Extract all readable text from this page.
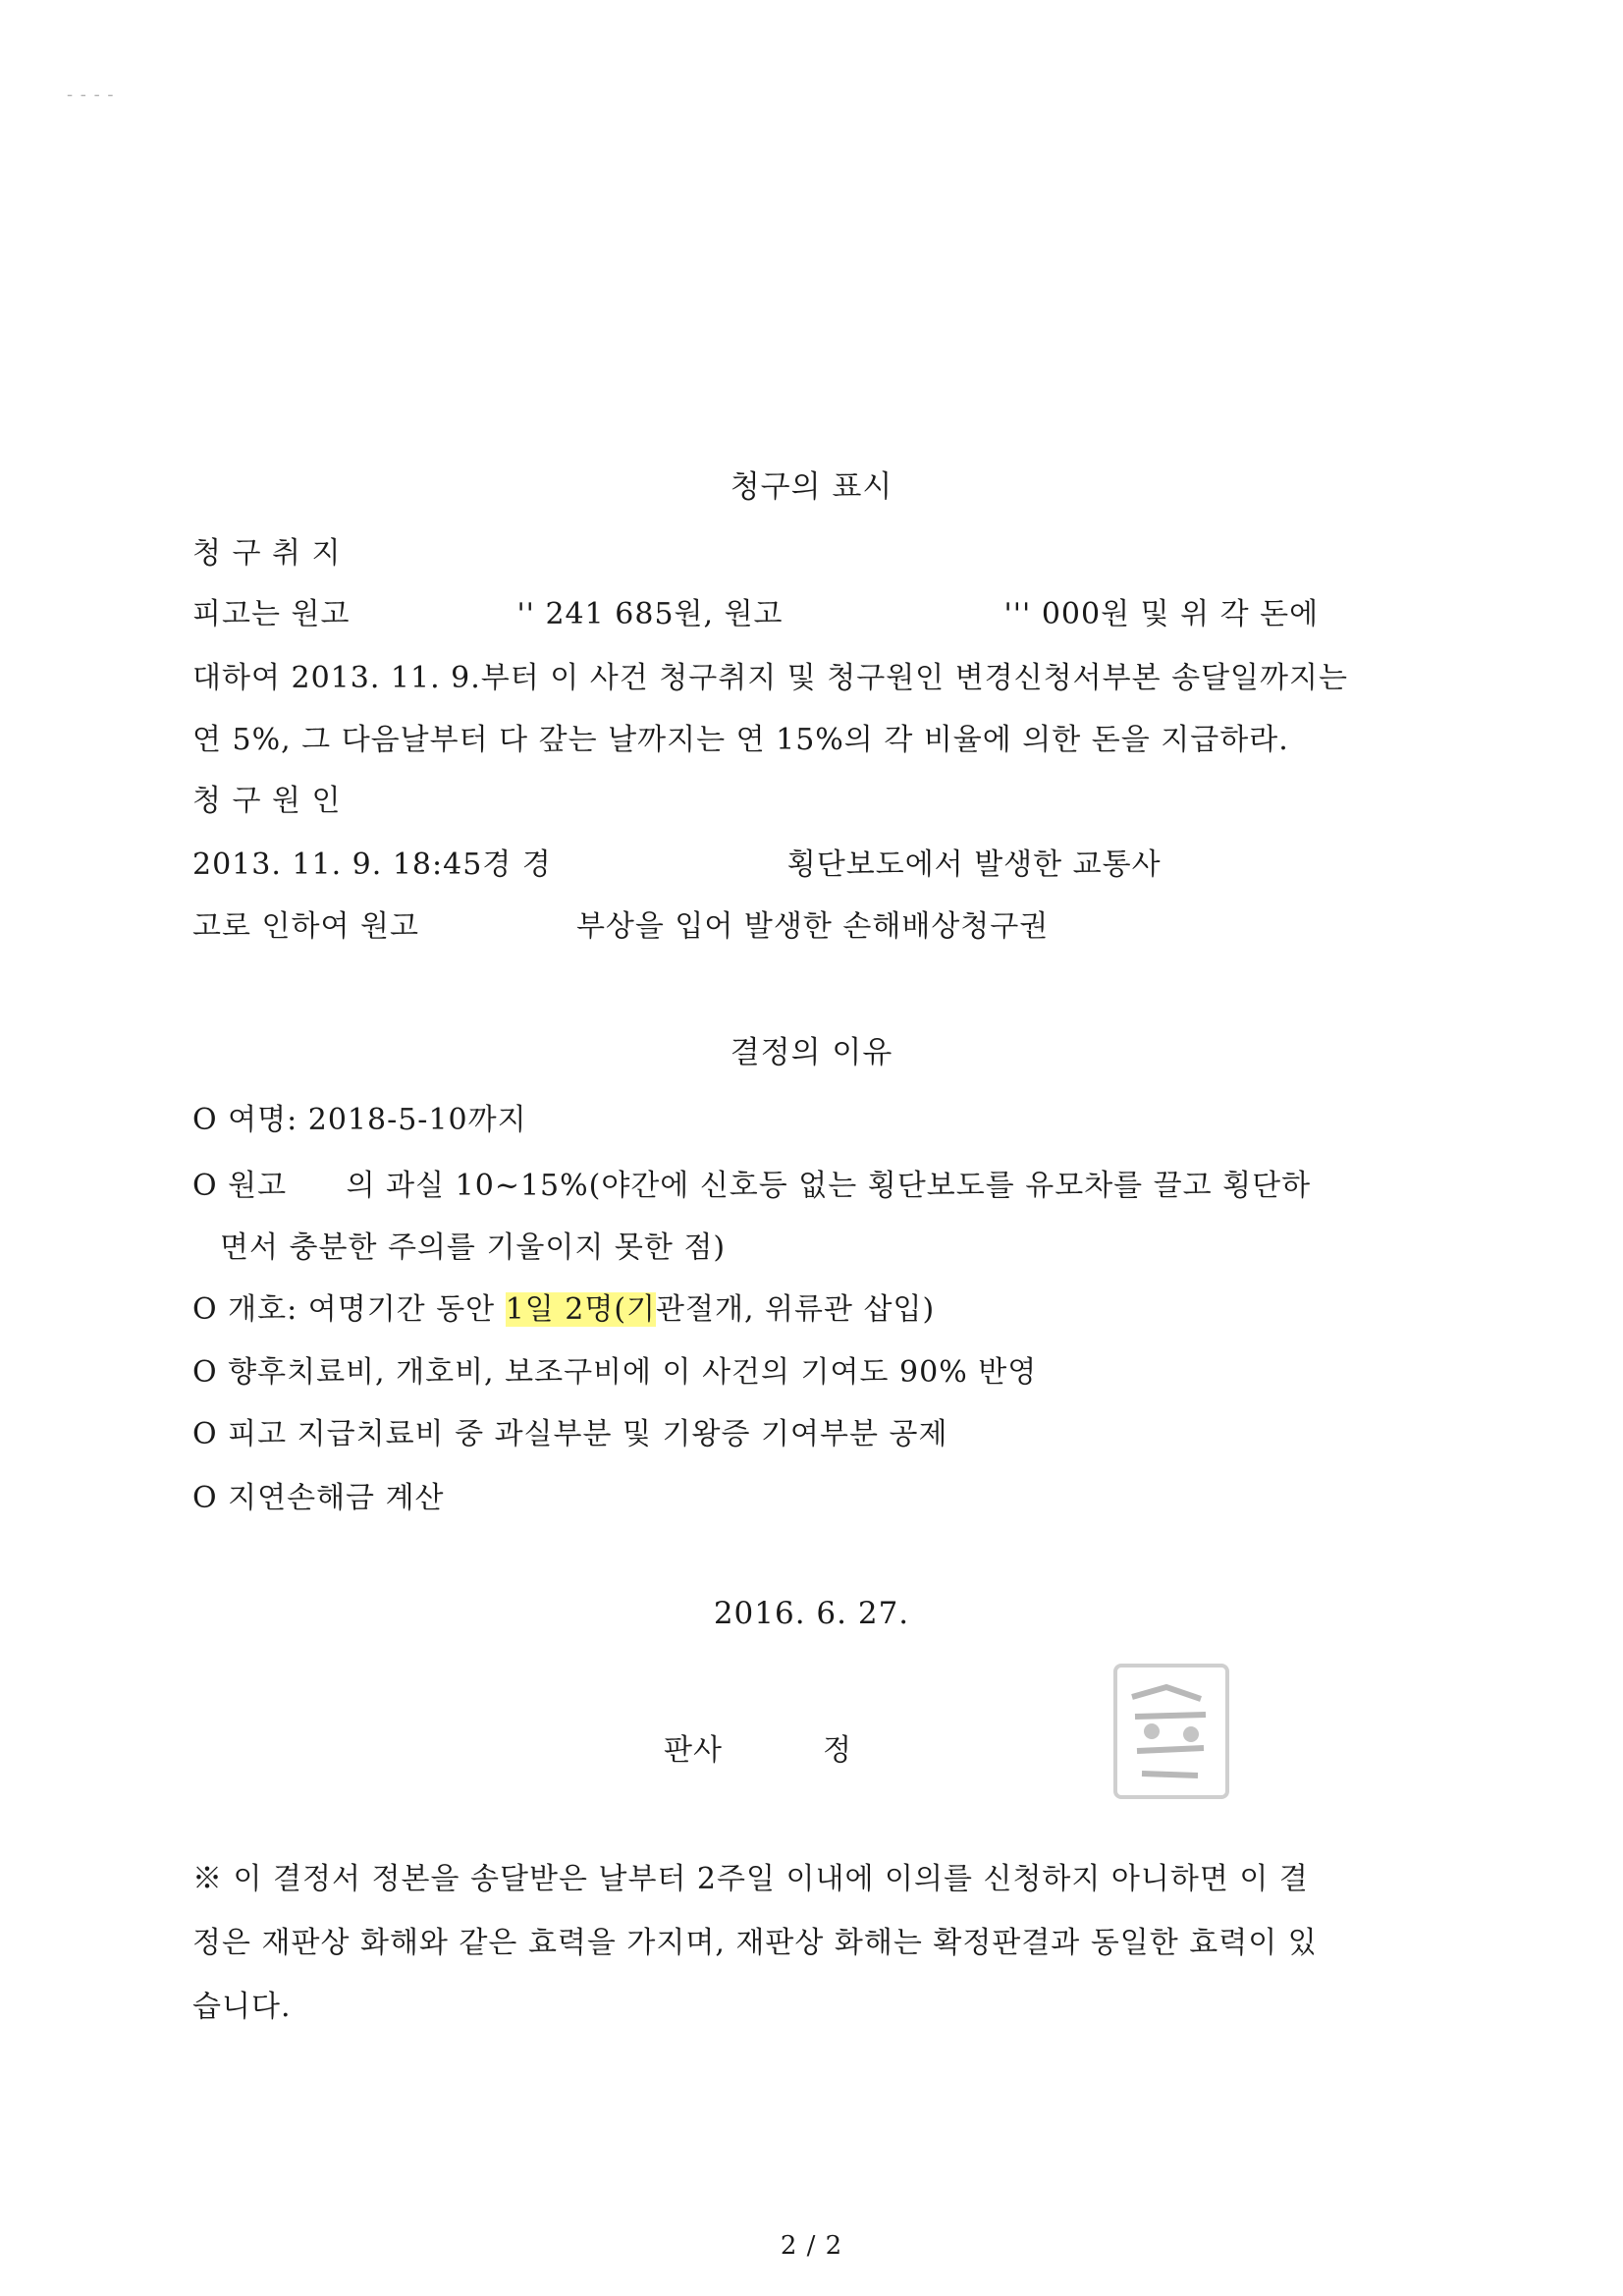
- - - -
청구의 표시
청 구 취 지
피고는 원고	'' 241 685원, 원고	''' 000원 및 위 각 돈에
대하여 2013. 11. 9.부터 이 사건 청구취지 및 청구원인 변경신청서부본 송달일까지는
연 5%, 그 다음날부터 다 갚는 날까지는 연 15%의 각 비율에 의한 돈을 지급하라.
청 구 원 인
2013. 11. 9. 18:45경 경	횡단보도에서 발생한 교통사
고로 인하여 원고	부상을 입어 발생한 손해배상청구권
결정의 이유
O 여명: 2018-5-10까지
O 원고 의 과실 10~15%(야간에 신호등 없는 횡단보도를 유모차를 끌고 횡단하
면서 충분한 주의를 기울이지 못한 점)
O 개호: 여명기간 동안 1일 2명(기관절개, 위류관 삽입)
O 향후치료비, 개호비, 보조구비에 이 사건의 기여도 90% 반영
O 피고 지급치료비 중 과실부분 및 기왕증 기여부분 공제
O 지연손해금 계산
2016. 6. 27.
판사	정
※ 이 결정서 정본을 송달받은 날부터 2주일 이내에 이의를 신청하지 아니하면 이 결
정은 재판상 화해와 같은 효력을 가지며, 재판상 화해는 확정판결과 동일한 효력이 있
습니다.
2 / 2
